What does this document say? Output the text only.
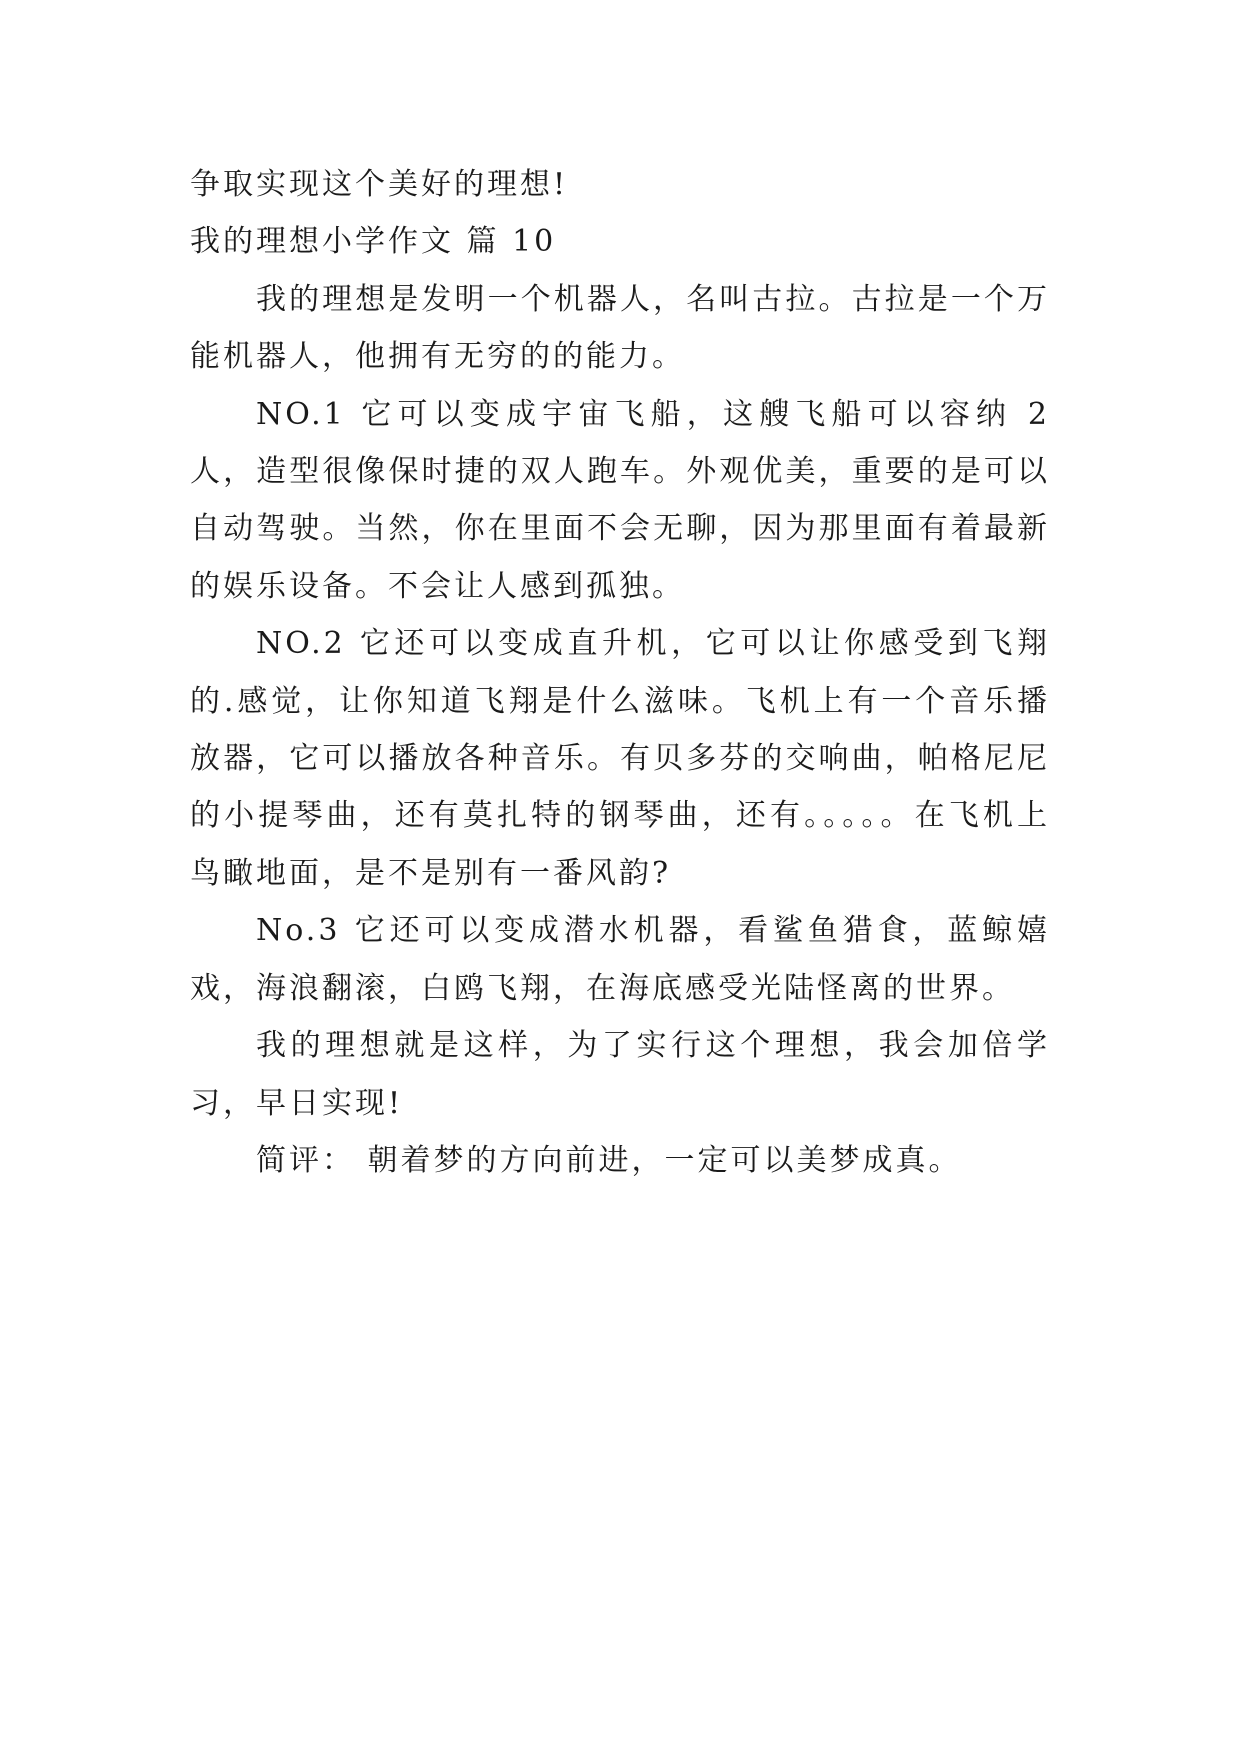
争取实现这个美好的理想!

我的理想小学作文 篇 10

我的理想是发明一个机器人，名叫古拉。古拉是一个万能机器人，他拥有无穷的的能力。

NO.1 它可以变成宇宙飞船，这艘飞船可以容纳 2 人，造型很像保时捷的双人跑车。外观优美，重要的是可以自动驾驶。当然，你在里面不会无聊，因为那里面有着最新的娱乐设备。不会让人感到孤独。

NO.2 它还可以变成直升机，它可以让你感受到飞翔的.感觉，让你知道飞翔是什么滋味。飞机上有一个音乐播放器，它可以播放各种音乐。有贝多芬的交响曲，帕格尼尼的小提琴曲，还有莫扎特的钢琴曲，还有。。。。。在飞机上鸟瞰地面，是不是别有一番风韵?

No.3 它还可以变成潜水机器，看鲨鱼猎食，蓝鲸嬉戏，海浪翻滚，白鸥飞翔，在海底感受光陆怪离的世界。

我的理想就是这样，为了实行这个理想，我会加倍学习，早日实现!

简评： 朝着梦的方向前进，一定可以美梦成真。
